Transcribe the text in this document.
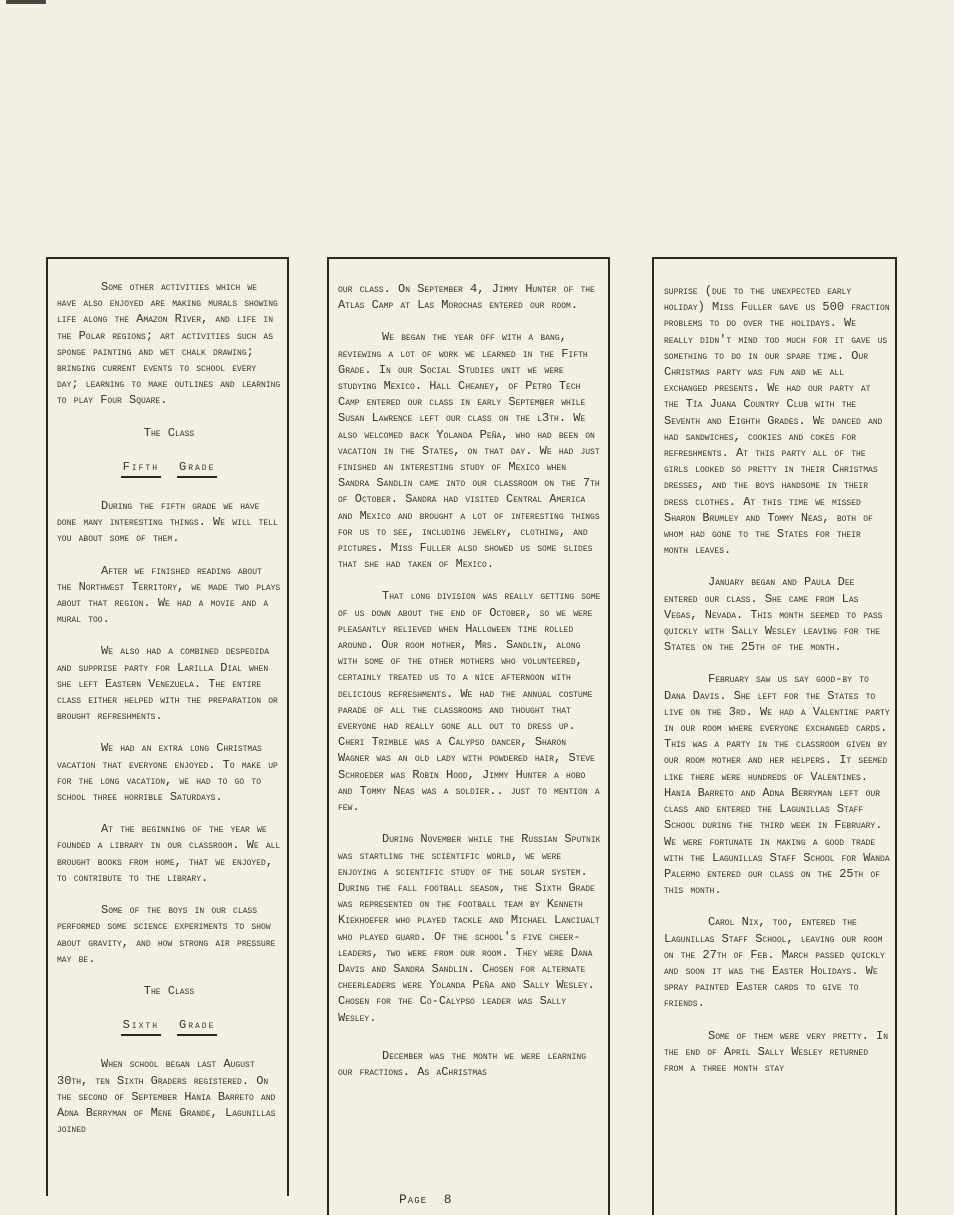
Some other activities which we have also enjoyed are making murals showing life along the Amazon River, and life in the Polar regions; art activities such as sponge painting and wet chalk drawing; bringing current events to school every day; learning to make outlines and learning to play Four Square.

The Class

Fifth Grade

During the fifth grade we have done many interesting things. We will tell you about some of them.

After we finished reading about the Northwest Territory, we made two plays about that region. We had a movie and a mural too.

We also had a combined despedida and supprise party for Larilla Dial when she left Eastern Venezuela. The entire class either helped with the preparation or brought refreshments.

We had an extra long Christmas vacation that everyone enjoyed. To make up for the long vacation, we had to go to school three horrible Saturdays.

At the beginning of the year we founded a library in our classroom. We all brought books from home, that we enjoyed, to contribute to the library.

Some of the boys in our class performed some science experiments to show about gravity, and how strong air pressure may be.

The Class

Sixth Grade

When school began last August 30th, ten Sixth Graders registered. On the second of September Hania Barreto and Adna Berryman of Mene Grande, Lagunillas joined

our class. On September 4, Jimmy Hunter of the Atlas Camp at Las Morochas entered our room.

We began the year off with a bang, reviewing a lot of work we learned in the Fifth Grade. In our Social Studies unit we were studying Mexico. Hall Cheaney, of Petro Tech Camp entered our class in early September while Susan Lawrence left our class on the l3th. We also welcomed back Yolanda Peña, who had been on vacation in the States, on that day. We had just finished an interesting study of Mexico when Sandra Sandlin came into our classroom on the 7th of October. Sandra had visited Central America and Mexico and brought a lot of interesting things for us to see, including jewelry, clothing, and pictures. Miss Fuller also showed us some slides that she had taken of Mexico.

That long division was really getting some of us down about the end of October, so we were pleasantly relieved when Halloween time rolled around. Our room mother, Mrs. Sandlin, along with some of the other mothers who volunteered, certainly treated us to a nice afternoon with delicious refreshments. We had the annual costume parade of all the classrooms and thought that everyone had really gone all out to dress up. Cheri Trimble was a Calypso dancer, Sharon Wagner was an old lady with powdered hair, Steve Schroeder was Robin Hood, Jimmy Hunter a hobo and Tommy Neas was a soldier.. just to mention a few.

During November while the Russian Sputnik was startling the scientific world, we were enjoying a scientific study of the solar system. During the fall football season, the Sixth Grade was represented on the football team by Kenneth Kiekhoefer who played tackle and Michael Lanciualt who played guard. Of the school's five cheer-leaders, two were from our room. They were Dana Davis and Sandra Sandlin. Chosen for alternate cheerleaders were Yolanda Peña and Sally Wesley. Chosen for the Co-Calypso leader was Sally Wesley.

December was the month we were learning our fractions. As aChristmas

suprise (due to the unexpected early holiday) Miss Fuller gave us 500 fraction problems to do over the holidays. We really didn't mind too much for it gave us something to do in our spare time. Our Christmas party was fun and we all exchanged presents. We had our party at the Tía Juana Country Club with the Seventh and Eighth Grades. We danced and had sandwiches, cookies and cokes for refreshments. At this party all of the girls looked so pretty in their Christmas dresses, and the boys handsome in their dress clothes. At this time we missed Sharon Brumley and Tommy Neas, both of whom had gone to the States for their month leaves.

January began and Paula Dee entered our class. She came from Las Vegas, Nevada. This month seemed to pass quickly with Sally Wesley leaving for the States on the 25th of the month.

February saw us say good-by to Dana Davis. She left for the States to live on the 3rd. We had a Valentine party in our room where everyone exchanged cards. This was a party in the classroom given by our room mother and her helpers. It seemed like there were hundreds of Valentines. Hania Barreto and Adna Berryman left our class and entered the Lagunillas Staff School during the third week in February. We were fortunate in making a good trade with the Lagunillas Staff School for Wanda Palermo entered our class on the 25th of this month.

Carol Nix, too, entered the Lagunillas Staff School, leaving our room on the 27th of Feb. March passed quickly and soon it was the Easter Holidays. We spray painted Easter cards to give to friends.

Some of them were very pretty. In the end of April Sally Wesley returned from a three month stay

Page 8
